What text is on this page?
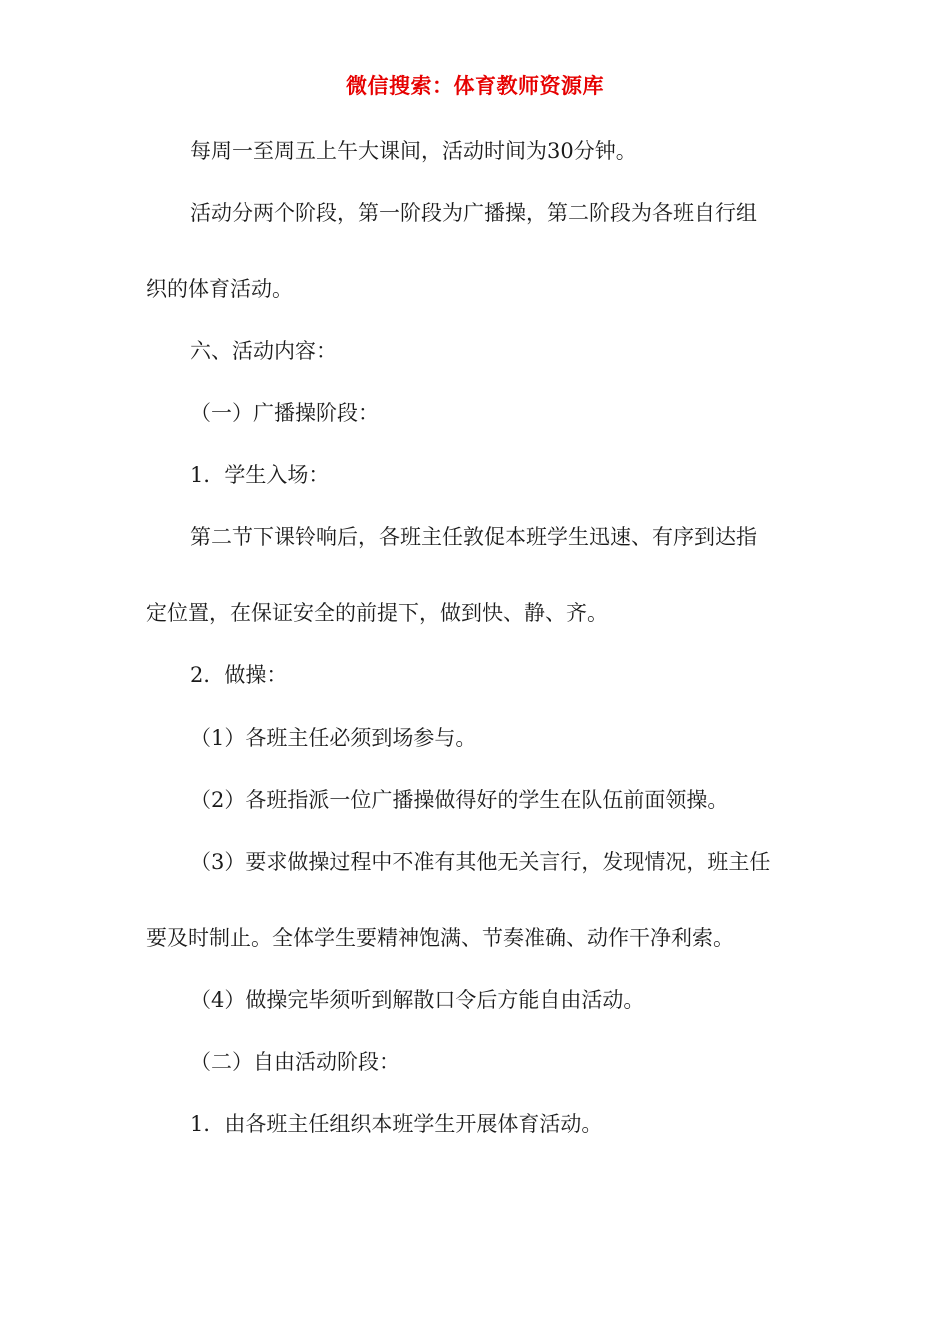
微信搜索：体育教师资源库
每周一至周五上午大课间，活动时间为30分钟。
活动分两个阶段，第一阶段为广播操，第二阶段为各班自行组
织的体育活动。
六、活动内容：
（一）广播操阶段：
1．学生入场：
第二节下课铃响后，各班主任敦促本班学生迅速、有序到达指
定位置，在保证安全的前提下，做到快、静、齐。
2．做操：
（1）各班主任必须到场参与。
（2）各班指派一位广播操做得好的学生在队伍前面领操。
（3）要求做操过程中不准有其他无关言行，发现情况，班主任
要及时制止。全体学生要精神饱满、节奏准确、动作干净利索。
（4）做操完毕须听到解散口令后方能自由活动。
（二）自由活动阶段：
1．由各班主任组织本班学生开展体育活动。
